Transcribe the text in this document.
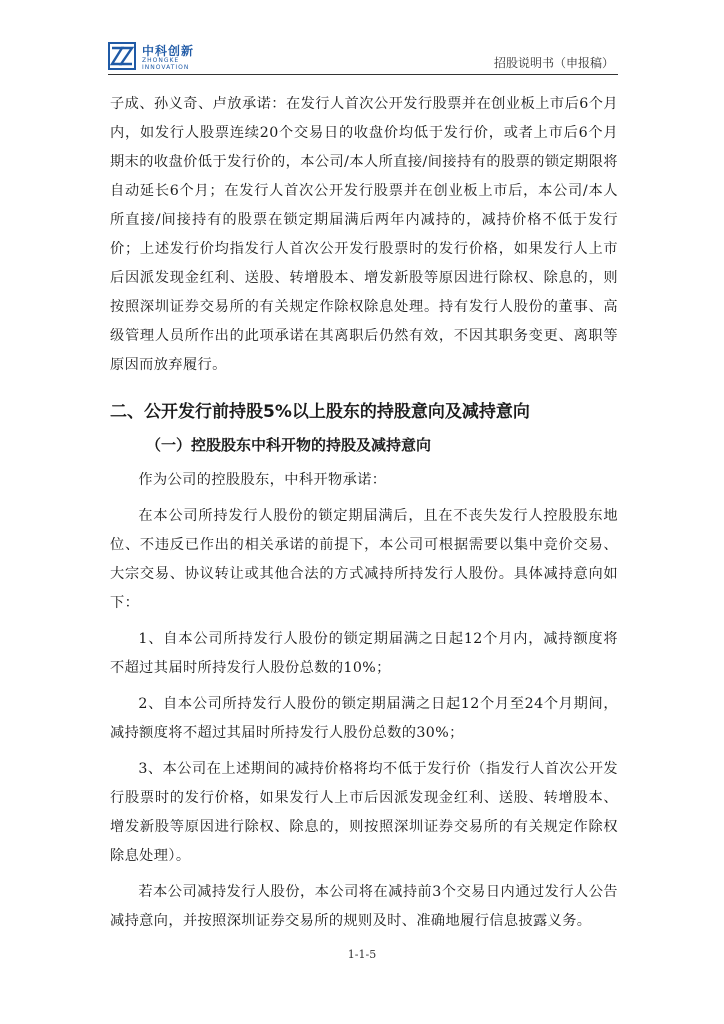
中科创新
ZHONGKE
INNOVATION	招股说明书（申报稿）

子成、孙义奇、卢放承诺：在发行人首次公开发行股票并在创业板上市后6个月内，如发行人股票连续20个交易日的收盘价均低于发行价，或者上市后6个月期末的收盘价低于发行价的，本公司/本人所直接/间接持有的股票的锁定期限将自动延长6个月；在发行人首次公开发行股票并在创业板上市后，本公司/本人所直接/间接持有的股票在锁定期届满后两年内减持的，减持价格不低于发行价；上述发行价均指发行人首次公开发行股票时的发行价格，如果发行人上市后因派发现金红利、送股、转增股本、增发新股等原因进行除权、除息的，则按照深圳证券交易所的有关规定作除权除息处理。持有发行人股份的董事、高级管理人员所作出的此项承诺在其离职后仍然有效，不因其职务变更、离职等原因而放弃履行。

二、公开发行前持股5%以上股东的持股意向及减持意向
（一）控股股东中科开物的持股及减持意向

作为公司的控股股东，中科开物承诺：

在本公司所持发行人股份的锁定期届满后，且在不丧失发行人控股股东地位、不违反已作出的相关承诺的前提下，本公司可根据需要以集中竞价交易、大宗交易、协议转让或其他合法的方式减持所持发行人股份。具体减持意向如下：

1、自本公司所持发行人股份的锁定期届满之日起12个月内，减持额度将不超过其届时所持发行人股份总数的10%；

2、自本公司所持发行人股份的锁定期届满之日起12个月至24个月期间，减持额度将不超过其届时所持发行人股份总数的30%；

3、本公司在上述期间的减持价格将均不低于发行价（指发行人首次公开发行股票时的发行价格，如果发行人上市后因派发现金红利、送股、转增股本、增发新股等原因进行除权、除息的，则按照深圳证券交易所的有关规定作除权除息处理）。

若本公司减持发行人股份，本公司将在减持前3个交易日内通过发行人公告减持意向，并按照深圳证券交易所的规则及时、准确地履行信息披露义务。

1-1-5
